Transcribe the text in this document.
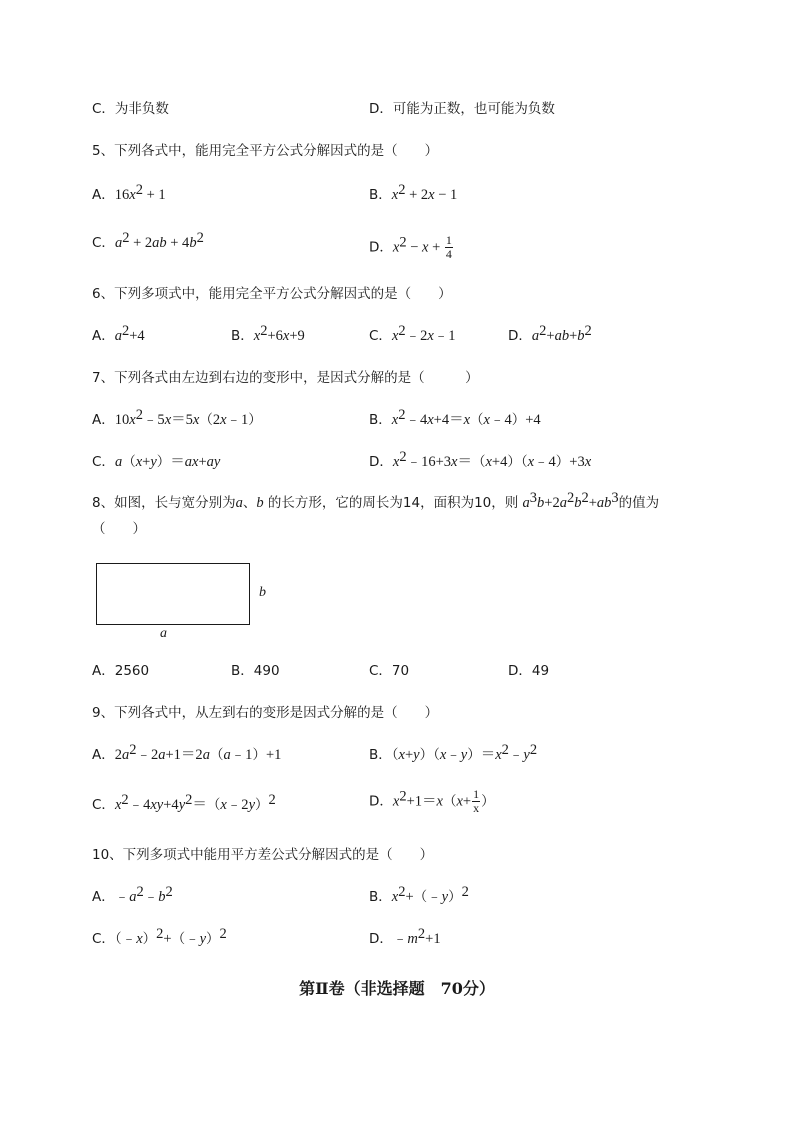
C．为非负数	D．可能为正数，也可能为负数
5、下列各式中，能用完全平方公式分解因式的是（　　）
A．$16x^2 + 1$	B．$x^2 + 2x - 1$
C．$a^2 + 2ab + 4b^2$
D．$x^2 - x + \frac{1}{4}$
6、下列多项式中，能用完全平方公式分解因式的是（　　）
A．$a^2+4$	B．$x^2+6x+9$	C．$x^2﹣2x﹣1$	D．$a^2+ab+b^2$
7、下列各式由左边到右边的变形中，是因式分解的是（　　　）
A．$10x^2﹣5x=5x(2x﹣1)$	B．$x^2﹣4x+4=x(x﹣4)+4$
C．a（x+y）＝ax+ay	D．$x^2﹣16+3x=(x+4)(x﹣4)+3x$
8、如图，长与宽分别为a、b 的长方形，它的周长为14，面积为10，则 $a^3b+2a^2b^2+ab^3$的值为
（　　）
b
a
A．2560	B．490	C．70	D．49
9、下列各式中，从左到右的变形是因式分解的是（　　）
A．$2a^2﹣2a+1=2a(a﹣1)+1$	B．$(x+y)(x﹣y)=x^2﹣y^2$
C．$x^2﹣4xy+4y^2=(x﹣2y)^2$	D．$x^2+1=x(x+ \frac{1}{x}$ ）
10、下列多项式中能用平方差公式分解因式的是（　　）
A．$﹣a^2﹣b^2$	B．$x^2+(﹣y)^2$
C．（﹣x）$^2$+（﹣y）$^2$	D．$﹣m^2+1$
第Ⅱ卷（非选择题　70分）
